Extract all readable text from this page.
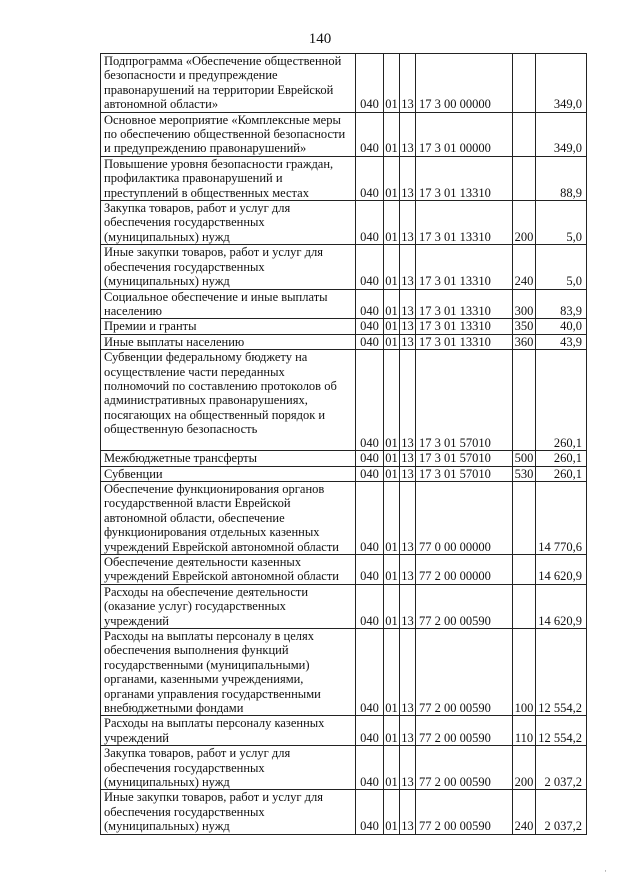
140
Подпрограмма «Обеспечение общественной безопасности и предупреждение правонарушений на территории Еврейской автономной области»	040	01	13	17 3 00 00000		349,0
Основное мероприятие «Комплексные меры по обеспечению общественной безопасности и предупреждению правонарушений»	040	01	13	17 3 01 00000		349,0
Повышение уровня безопасности граждан, профилактика правонарушений и преступлений в общественных местах	040	01	13	17 3 01 13310		88,9
Закупка товаров, работ и услуг для обеспечения государственных (муниципальных) нужд	040	01	13	17 3 01 13310	200	5,0
Иные закупки товаров, работ и услуг для обеспечения государственных (муниципальных) нужд	040	01	13	17 3 01 13310	240	5,0
Социальное обеспечение и иные выплаты населению	040	01	13	17 3 01 13310	300	83,9
Премии и гранты	040	01	13	17 3 01 13310	350	40,0
Иные выплаты населению	040	01	13	17 3 01 13310	360	43,9
Субвенции федеральному бюджету на осуществление части переданных полномочий по составлению протоколов об административных правонарушениях, посягающих на общественный порядок и общественную безопасность	040	01	13	17 3 01 57010		260,1
Межбюджетные трансферты	040	01	13	17 3 01 57010	500	260,1
Субвенции	040	01	13	17 3 01 57010	530	260,1
Обеспечение функционирования органов государственной власти Еврейской автономной области, обеспечение функционирования отдельных казенных учреждений Еврейской автономной области	040	01	13	77 0 00 00000		14 770,6
Обеспечение деятельности казенных учреждений Еврейской автономной области	040	01	13	77 2 00 00000		14 620,9
Расходы на обеспечение деятельности (оказание услуг) государственных учреждений	040	01	13	77 2 00 00590		14 620,9
Расходы на выплаты персоналу в целях обеспечения выполнения функций государственными (муниципальными) органами, казенными учреждениями, органами управления государственными внебюджетными фондами	040	01	13	77 2 00 00590	100	12 554,2
Расходы на выплаты персоналу казенных учреждений	040	01	13	77 2 00 00590	110	12 554,2
Закупка товаров, работ и услуг для обеспечения государственных (муниципальных) нужд	040	01	13	77 2 00 00590	200	2 037,2
Иные закупки товаров, работ и услуг для обеспечения государственных (муниципальных) нужд	040	01	13	77 2 00 00590	240	2 037,2
·
